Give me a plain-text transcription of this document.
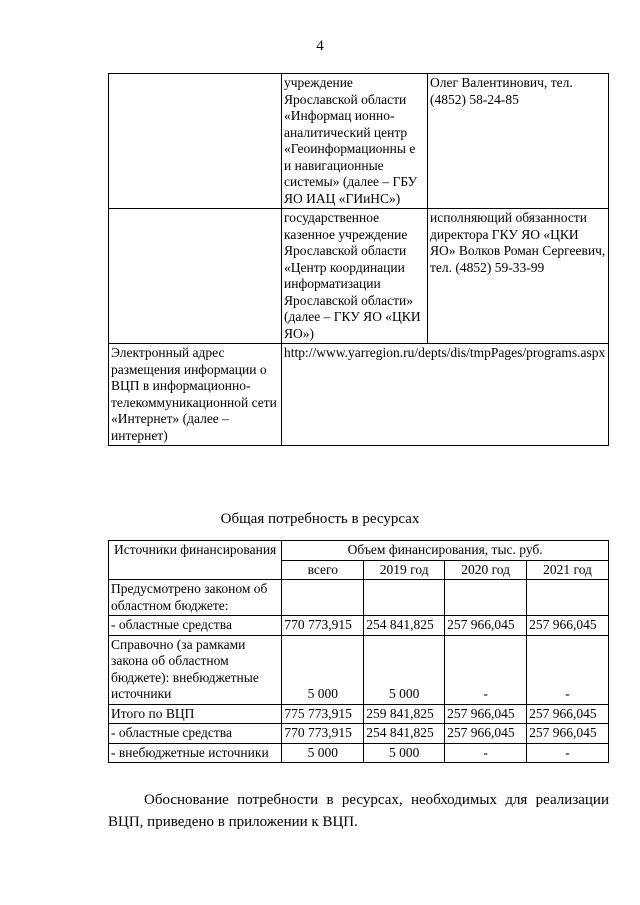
4
	учреждение Ярославской области «Информац ионно-аналитический центр «Геоинформационны е и навигационные системы» (далее – ГБУ ЯО ИАЦ «ГИиНС»)	Олег Валентинович, тел. (4852) 58-24-85
	государственное казенное учреждение Ярославской области «Центр координации информатизации Ярославской области» (далее – ГКУ ЯО «ЦКИ ЯО»)	исполняющий обязанности директора ГКУ ЯО «ЦКИ ЯО» Волков Роман Сергеевич, тел. (4852) 59-33-99
Электронный адрес размещения информации о ВЦП в информационно-телекоммуникационной сети «Интернет» (далее – интернет)	http://www.yarregion.ru/depts/dis/tmpPages/programs.aspx	
Общая потребность в ресурсах
Источники финансирования	Объем финансирования, тыс. руб.			
	всего	2019 год	2020 год	2021 год
Предусмотрено законом об областном бюджете:				
- областные средства	770 773,915	254 841,825	257 966,045	257 966,045
Справочно (за рамками закона об областном бюджете): внебюджетные источники	5 000	5 000	-	-
Итого по ВЦП	775 773,915	259 841,825	257 966,045	257 966,045
- областные средства	770 773,915	254 841,825	257 966,045	257 966,045
- внебюджетные источники	5 000	5 000	-	-
Обоснование потребности в ресурсах, необходимых для реализации ВЦП, приведено в приложении к ВЦП.
